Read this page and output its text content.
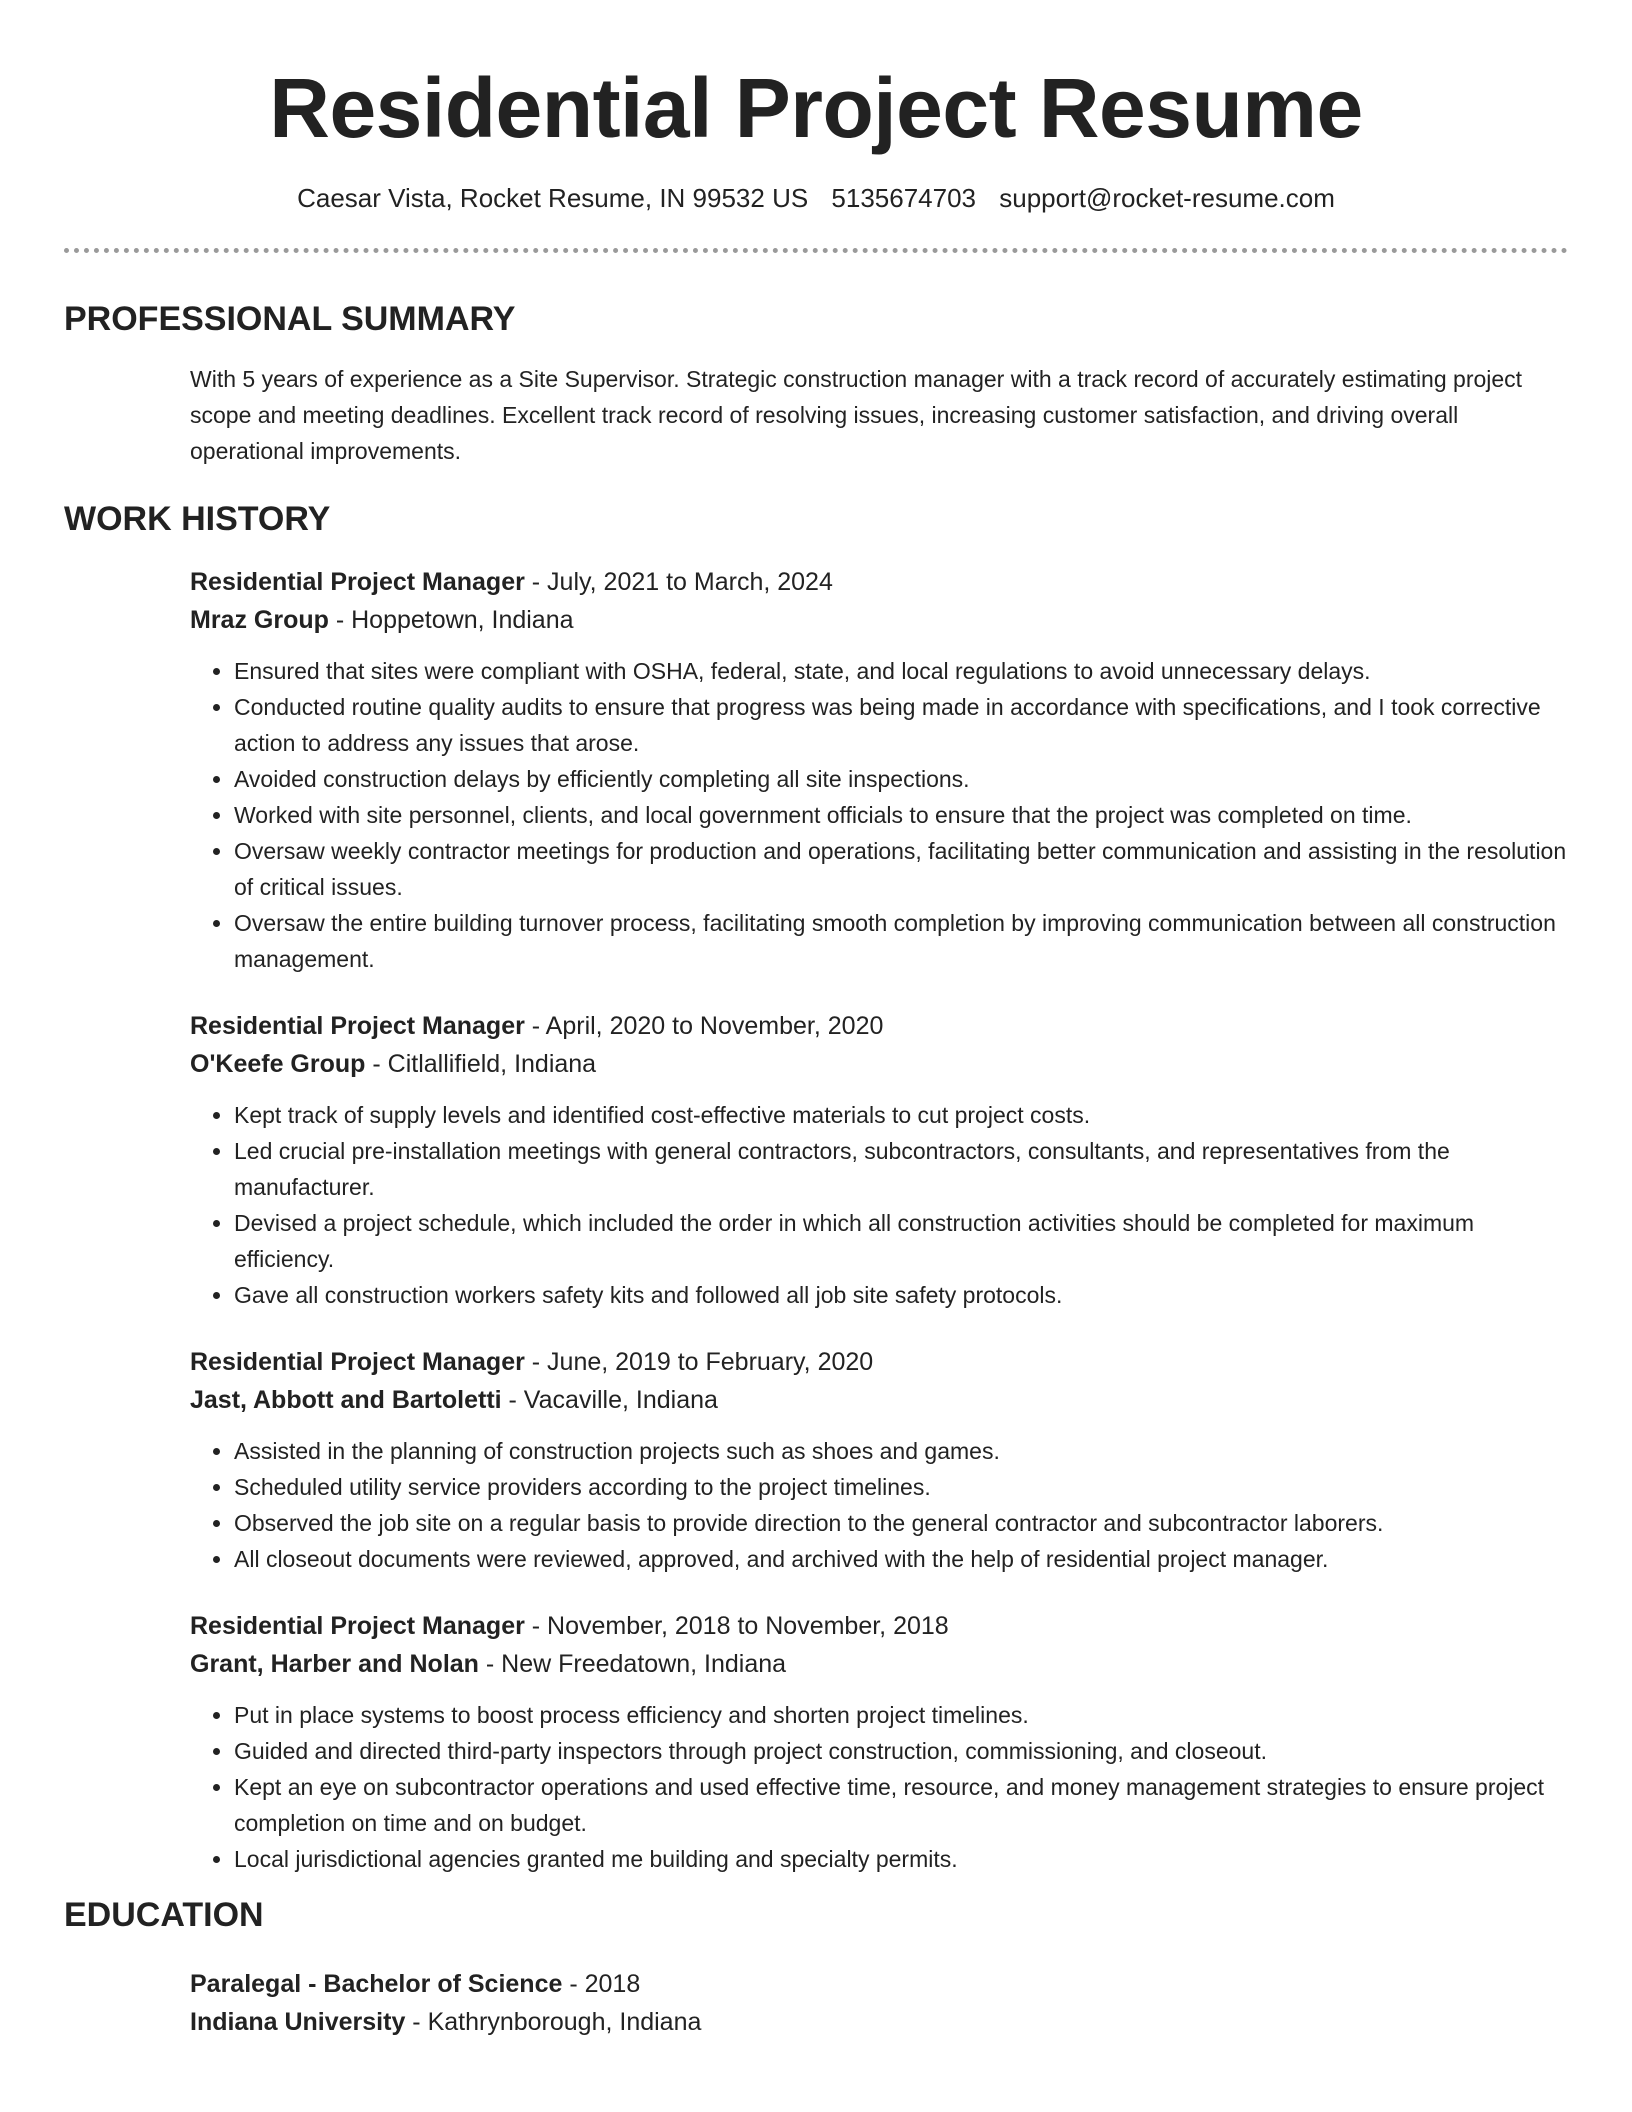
Residential Project Resume
Caesar Vista, Rocket Resume, IN 99532 US 5135674703 support@rocket-resume.com
PROFESSIONAL SUMMARY
With 5 years of experience as a Site Supervisor. Strategic construction manager with a track record of accurately estimating project scope and meeting deadlines. Excellent track record of resolving issues, increasing customer satisfaction, and driving overall operational improvements.
WORK HISTORY
Residential Project Manager - July, 2021 to March, 2024
Mraz Group - Hoppetown, Indiana
• Ensured that sites were compliant with OSHA, federal, state, and local regulations to avoid unnecessary delays.
• Conducted routine quality audits to ensure that progress was being made in accordance with specifications, and I took corrective action to address any issues that arose.
• Avoided construction delays by efficiently completing all site inspections.
• Worked with site personnel, clients, and local government officials to ensure that the project was completed on time.
• Oversaw weekly contractor meetings for production and operations, facilitating better communication and assisting in the resolution of critical issues.
• Oversaw the entire building turnover process, facilitating smooth completion by improving communication between all construction management.
Residential Project Manager - April, 2020 to November, 2020
O'Keefe Group - Citlallifield, Indiana
• Kept track of supply levels and identified cost-effective materials to cut project costs.
• Led crucial pre-installation meetings with general contractors, subcontractors, consultants, and representatives from the manufacturer.
• Devised a project schedule, which included the order in which all construction activities should be completed for maximum efficiency.
• Gave all construction workers safety kits and followed all job site safety protocols.
Residential Project Manager - June, 2019 to February, 2020
Jast, Abbott and Bartoletti - Vacaville, Indiana
• Assisted in the planning of construction projects such as shoes and games.
• Scheduled utility service providers according to the project timelines.
• Observed the job site on a regular basis to provide direction to the general contractor and subcontractor laborers.
• All closeout documents were reviewed, approved, and archived with the help of residential project manager.
Residential Project Manager - November, 2018 to November, 2018
Grant, Harber and Nolan - New Freedatown, Indiana
• Put in place systems to boost process efficiency and shorten project timelines.
• Guided and directed third-party inspectors through project construction, commissioning, and closeout.
• Kept an eye on subcontractor operations and used effective time, resource, and money management strategies to ensure project completion on time and on budget.
• Local jurisdictional agencies granted me building and specialty permits.
EDUCATION
Paralegal - Bachelor of Science - 2018
Indiana University - Kathrynborough, Indiana
